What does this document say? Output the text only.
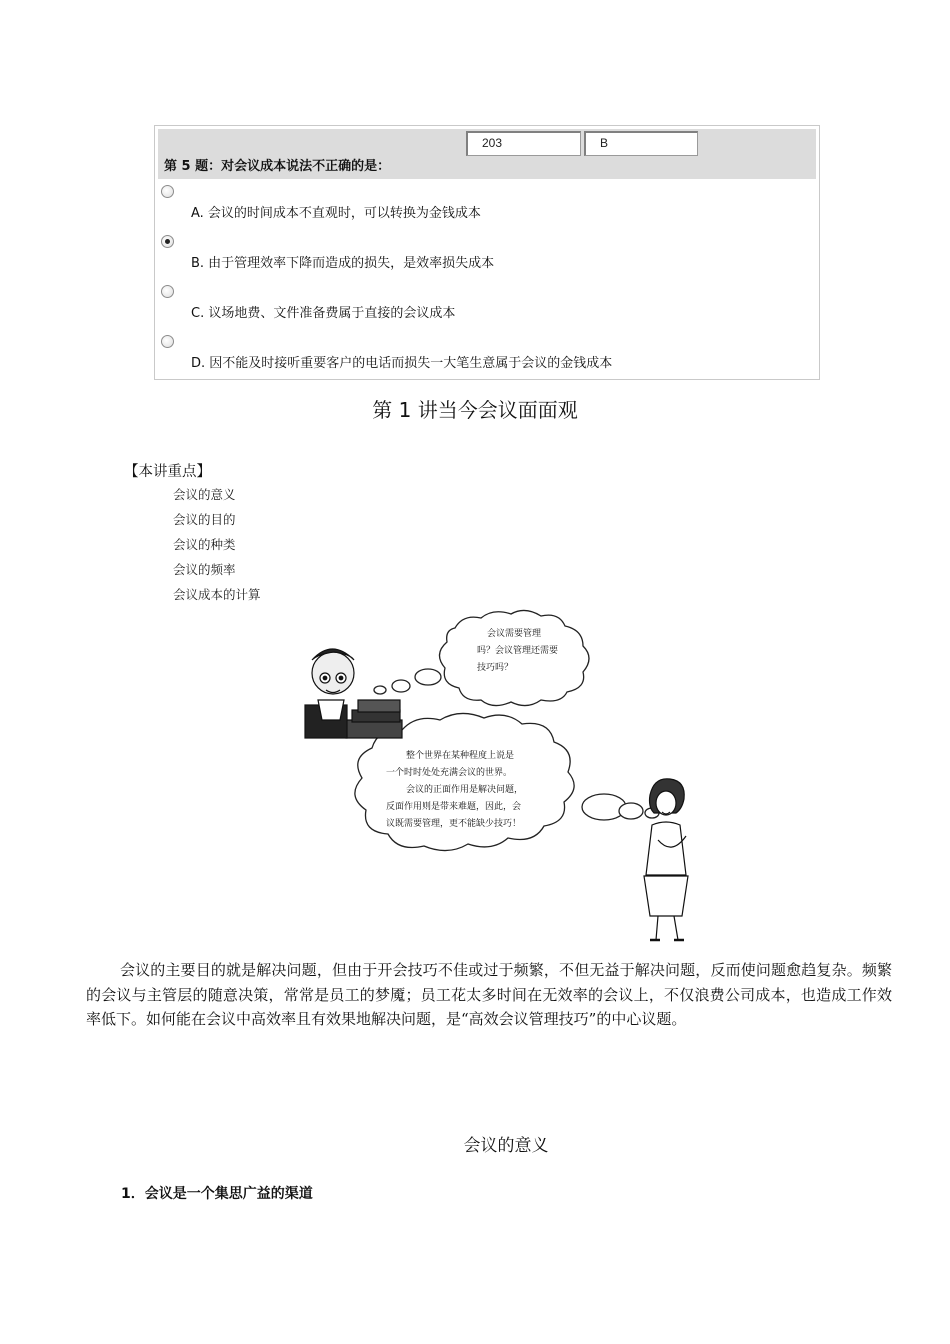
203	B
第 5 题：对会议成本说法不正确的是：
A. 会议的时间成本不直观时，可以转换为金钱成本
B. 由于管理效率下降而造成的损失，是效率损失成本
C. 议场地费、文件准备费属于直接的会议成本
D. 因不能及时接听重要客户的电话而损失一大笔生意属于会议的金钱成本
第 1 讲当今会议面面观
【本讲重点】
会议的意义
会议的目的
会议的种类
会议的频率
会议成本的计算
会议需要管理
吗？会议管理还需要
技巧吗？
整个世界在某种程度上说是
一个时时处处充满会议的世界。
会议的正面作用是解决问题，
反面作用则是带来难题，因此，会
议既需要管理，更不能缺少技巧！
会议的主要目的就是解决问题，但由于开会技巧不佳或过于频繁，不但无益于解决问题，反而使问题愈趋复杂。频繁的会议与主管层的随意决策，常常是员工的梦魇；员工花太多时间在无效率的会议上，不仅浪费公司成本，也造成工作效率低下。如何能在会议中高效率且有效果地解决问题，是“高效会议管理技巧”的中心议题。
会议的意义
1．会议是一个集思广益的渠道
